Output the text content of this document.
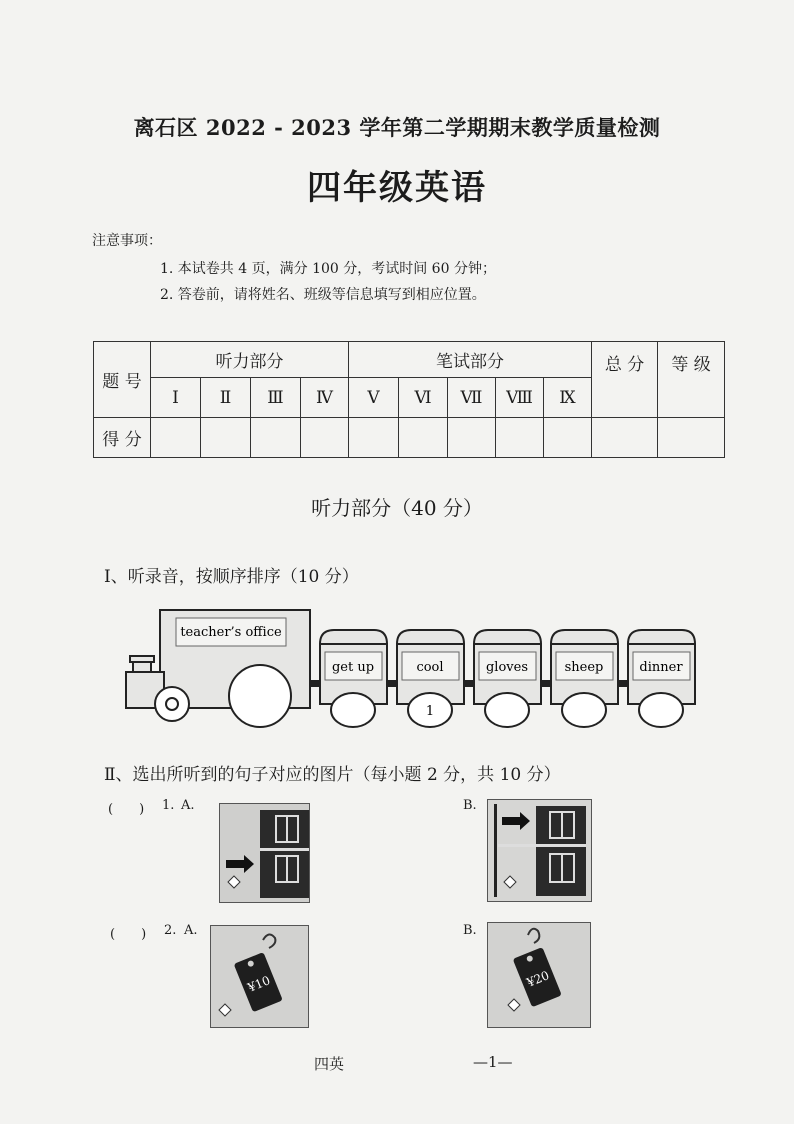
离石区 2022 - 2023 学年第二学期期末教学质量检测
四年级英语
注意事项：
1. 本试卷共 4 页，满分 100 分，考试时间 60 分钟；
2. 答卷前，请将姓名、班级等信息填写到相应位置。
题 号	听力部分				笔试部分					总 分	等 级
	Ⅰ	Ⅱ	Ⅲ	Ⅳ	Ⅴ	Ⅵ	Ⅶ	Ⅷ	Ⅸ		
得 分											
听力部分（40 分）
Ⅰ、听录音，按顺序排序（10 分）
teacher’s office
get up	cool
1
gloves	sheep	dinner
Ⅱ、选出所听到的句子对应的图片（每小题 2 分，共 10 分）
(　　) 1. A.	B.
(　　) 2. A.	B.
¥10	¥20
四英	—1—
